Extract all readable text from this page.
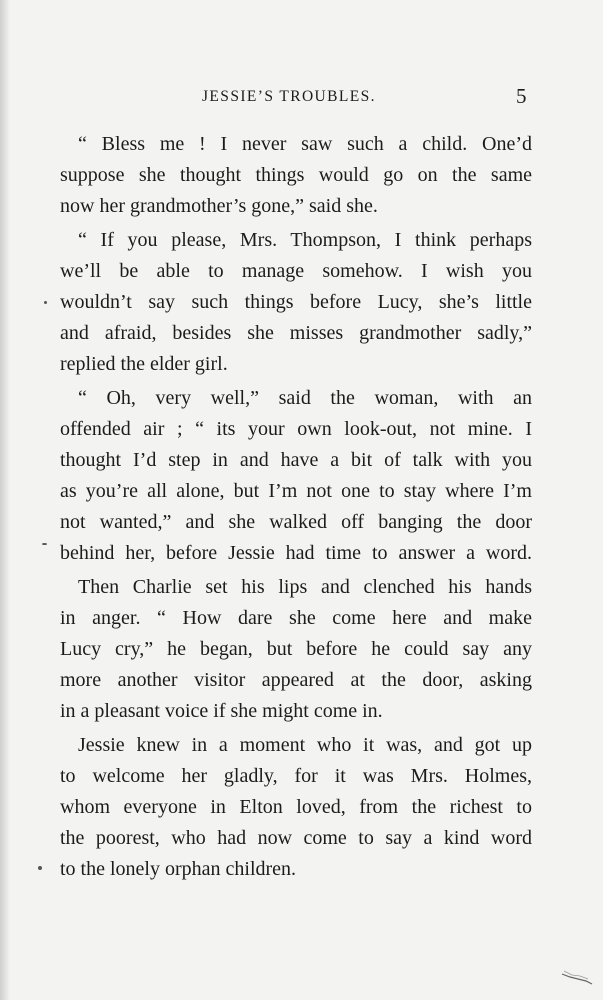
JESSIE’S TROUBLES.	5
“ Bless me ! I never saw such a child. One’d
suppose she thought things would go on the same
now her grandmother’s gone,” said she.
“ If you please, Mrs. Thompson, I think perhaps
we’ll be able to manage somehow. I wish you
wouldn’t say such things before Lucy, she’s little
and afraid, besides she misses grandmother sadly,”
replied the elder girl.
“ Oh, very well,” said the woman, with an
offended air ; “ its your own look-out, not mine. I
thought I’d step in and have a bit of talk with you
as you’re all alone, but I’m not one to stay where I’m
not wanted,” and she walked off banging the door
behind her, before Jessie had time to answer a word.
Then Charlie set his lips and clenched his hands
in anger. “ How dare she come here and make
Lucy cry,” he began, but before he could say any
more another visitor appeared at the door, asking
in a pleasant voice if she might come in.
Jessie knew in a moment who it was, and got up
to welcome her gladly, for it was Mrs. Holmes,
whom everyone in Elton loved, from the richest to
the poorest, who had now come to say a kind word
to the lonely orphan children.
